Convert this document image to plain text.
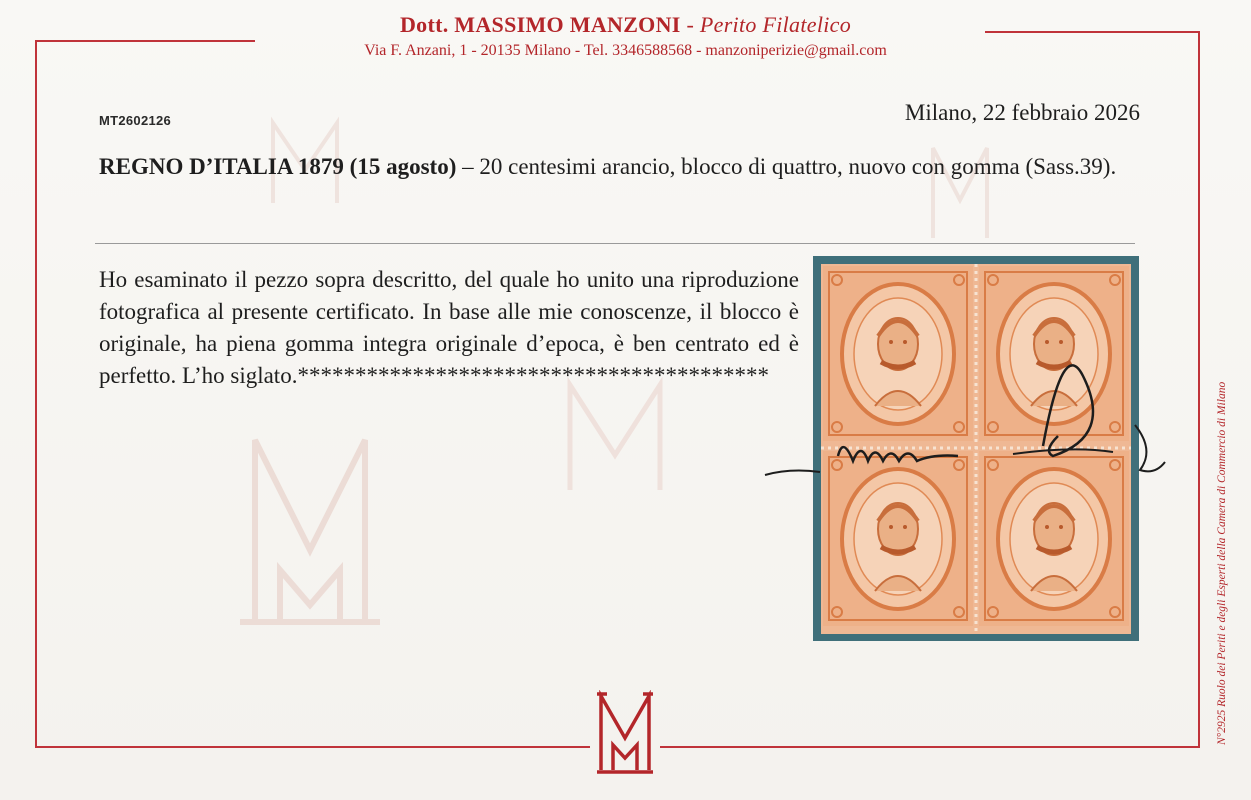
Dott. MASSIMO MANZONI - Perito Filatelico
Via F. Anzani, 1 - 20135 Milano - Tel. 3346588568 - manzoniperizie@gmail.com
MT2602126	Milano, 22 febbraio 2026
REGNO D’ITALIA 1879 (15 agosto) – 20 centesimi arancio, blocco di quattro, nuovo con gomma (Sass.39).
Ho esaminato il pezzo sopra descritto, del quale ho unito una riproduzione fotografica al presente certificato. In base alle mie conoscenze, il blocco è originale, ha piena gomma integra originale d’epoca, è ben centrato ed è perfetto. L’ho siglato.*****************************************
N°2925 Ruolo dei Periti e degli Esperti della Camera di Commercio di Milano
